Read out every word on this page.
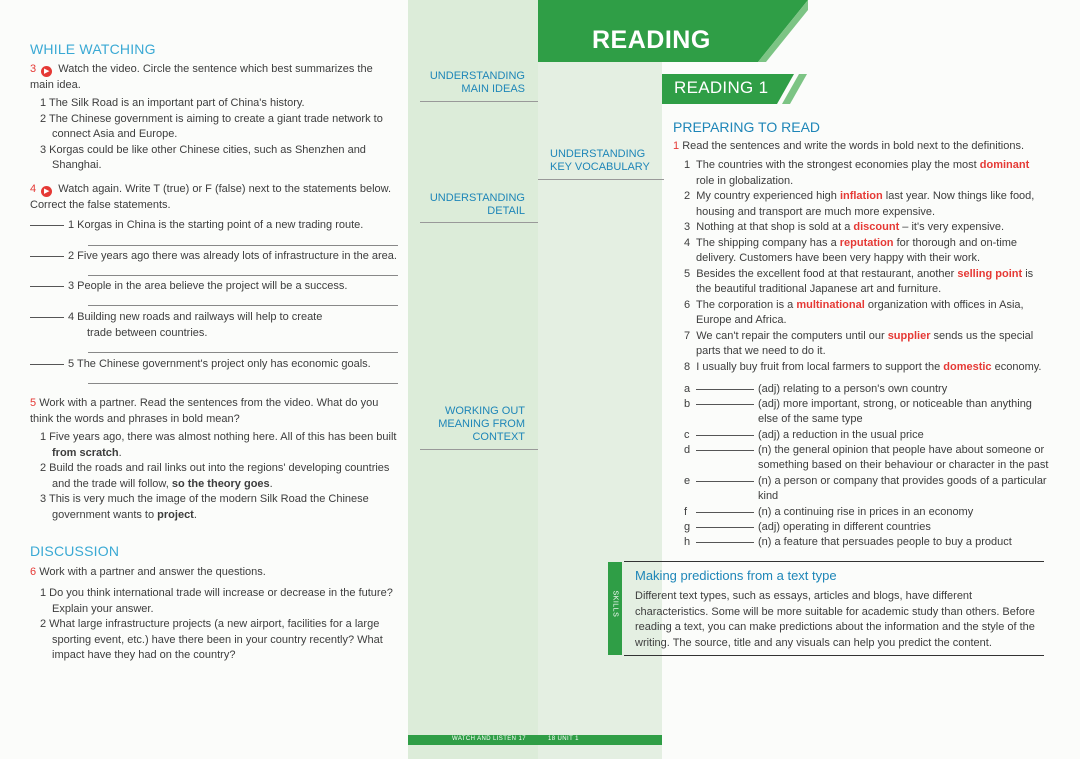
WHILE WATCHING
3 ▶ Watch the video. Circle the sentence which best summarizes the main idea.
1 The Silk Road is an important part of China's history.
2 The Chinese government is aiming to create a giant trade network to connect Asia and Europe.
3 Korgas could be like other Chinese cities, such as Shenzhen and Shanghai.
4 ▶ Watch again. Write T (true) or F (false) next to the statements below. Correct the false statements.
1 Korgas in China is the starting point of a new trading route.
2 Five years ago there was already lots of infrastructure in the area.
3 People in the area believe the project will be a success.
4 Building new roads and railways will help to create trade between countries.
5 The Chinese government's project only has economic goals.
5 Work with a partner. Read the sentences from the video. What do you think the words and phrases in bold mean?
1 Five years ago, there was almost nothing here. All of this has been built from scratch.
2 Build the roads and rail links out into the regions' developing countries and the trade will follow, so the theory goes.
3 This is very much the image of the modern Silk Road the Chinese government wants to project.
DISCUSSION
6 Work with a partner and answer the questions.
1 Do you think international trade will increase or decrease in the future? Explain your answer.
2 What large infrastructure projects (a new airport, facilities for a large sporting event, etc.) have there been in your country recently? What impact have they had on the country?
UNDERSTANDING
MAIN IDEAS
UNDERSTANDING
DETAIL
WORKING OUT
MEANING FROM
CONTEXT
UNDERSTANDING
KEY VOCABULARY
READING
READING 1
PREPARING TO READ
1 Read the sentences and write the words in bold next to the definitions.
1 The countries with the strongest economies play the most dominant role in globalization.
2 My country experienced high inflation last year. Now things like food, housing and transport are much more expensive.
3 Nothing at that shop is sold at a discount – it's very expensive.
4 The shipping company has a reputation for thorough and on-time delivery. Customers have been very happy with their work.
5 Besides the excellent food at that restaurant, another selling point is the beautiful traditional Japanese art and furniture.
6 The corporation is a multinational organization with offices in Asia, Europe and Africa.
7 We can't repair the computers until our supplier sends us the special parts that we need to do it.
8 I usually buy fruit from local farmers to support the domestic economy.
a	(adj) relating to a person's own country
b	(adj) more important, strong, or noticeable than anything else of the same type
c	(adj) a reduction in the usual price
d	(n) the general opinion that people have about someone or something based on their behaviour or character in the past
e	(n) a person or company that provides goods of a particular kind
f	(n) a continuing rise in prices in an economy
g	(adj) operating in different countries
h	(n) a feature that persuades people to buy a product
SKILLS
Making predictions from a text type
Different text types, such as essays, articles and blogs, have different characteristics. Some will be more suitable for academic study than others. Before reading a text, you can make predictions about the information and the style of the writing. The source, title and any visuals can help you predict the content.
WATCH AND LISTEN 17	18 UNIT 1
